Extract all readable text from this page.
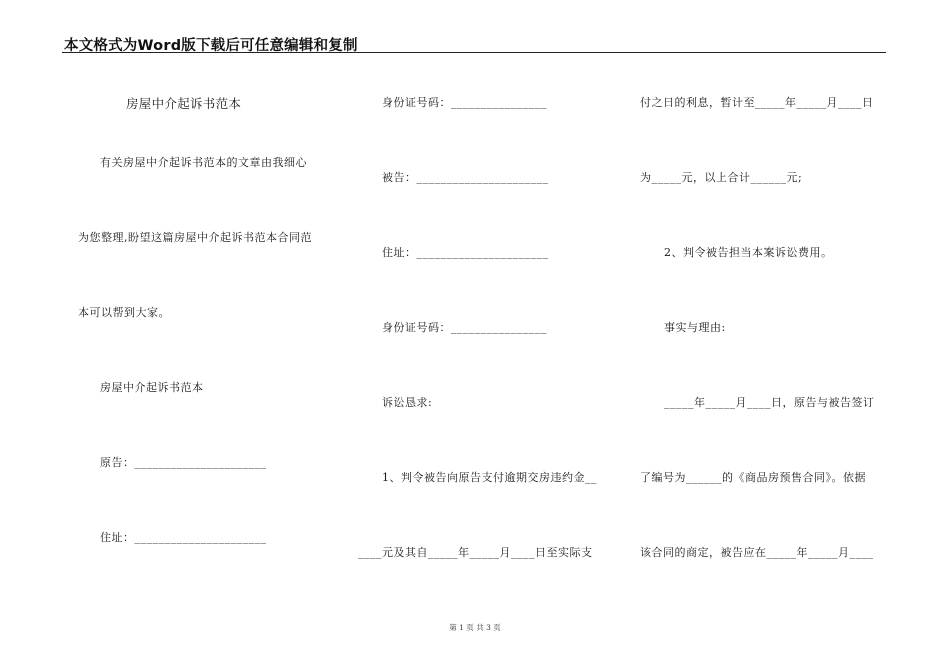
本文格式为Word版下载后可任意编辑和复制
房屋中介起诉书范本
有关房屋中介起诉书范本的文章由我细心
为您整理,盼望这篇房屋中介起诉书范本合同范
本可以帮到大家。
房屋中介起诉书范本
原告：______________________
住址：______________________
身份证号码：________________
被告：______________________
住址：______________________
身份证号码：________________
诉讼恳求:
1、判令被告向原告支付逾期交房违约金__
____元及其自_____年_____月____日至实际支
付之日的利息，暂计至_____年_____月____日
为_____元，以上合计______元;
2、判令被告担当本案诉讼费用。
事实与理由:
_____年_____月____日，原告与被告签订
了编号为______的《商品房预售合同》。依据
该合同的商定，被告应在_____年_____月____
第 1 页 共 3 页
